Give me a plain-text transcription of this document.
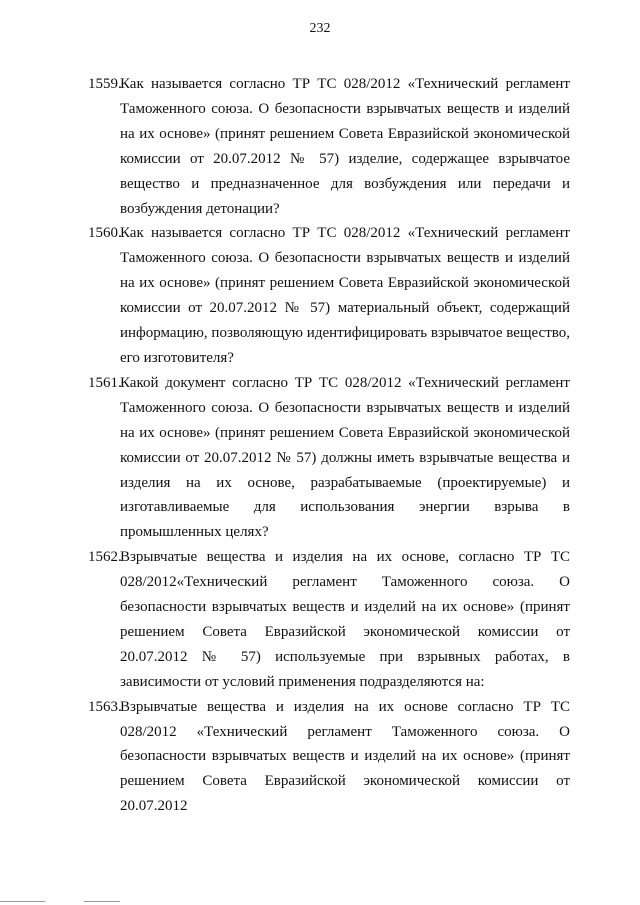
232
1559.
Как называется согласно ТР ТС 028/2012 «Технический регламент Таможенного союза. О безопасности взрывчатых веществ и изделий на их основе» (принят решением Совета Евразийской экономической комиссии от 20.07.2012 № 57) изделие, содержащее взрывчатое вещество и предназначенное для возбуждения или передачи и возбуждения детонации?
1560.
Как называется согласно ТР ТС 028/2012 «Технический регламент Таможенного союза. О безопасности взрывчатых веществ и изделий на их основе» (принят решением Совета Евразийской экономической комиссии от 20.07.2012 № 57) материальный объект, содержащий информацию, позволяющую идентифицировать взрывчатое вещество, его изготовителя?
1561.
Какой документ согласно ТР ТС 028/2012 «Технический регламент Таможенного союза. О безопасности взрывчатых веществ и изделий на их основе» (принят решением Совета Евразийской экономической комиссии от 20.07.2012 № 57) должны иметь взрывчатые вещества и изделия на их основе, разрабатываемые (проектируемые) и изготавливаемые для использования энергии взрыва в промышленных целях?
1562.
Взрывчатые вещества и изделия на их основе, согласно ТР ТС 028/2012«Технический регламент Таможенного союза. О безопасности взрывчатых веществ и изделий на их основе» (принят решением Совета Евразийской экономической комиссии от 20.07.2012 № 57) используемые при взрывных работах, в зависимости от условий применения подразделяются на:
1563.
Взрывчатые вещества и изделия на их основе согласно ТР ТС 028/2012 «Технический регламент Таможенного союза. О безопасности взрывчатых веществ и изделий на их основе» (принят решением Совета Евразийской экономической комиссии от 20.07.2012
